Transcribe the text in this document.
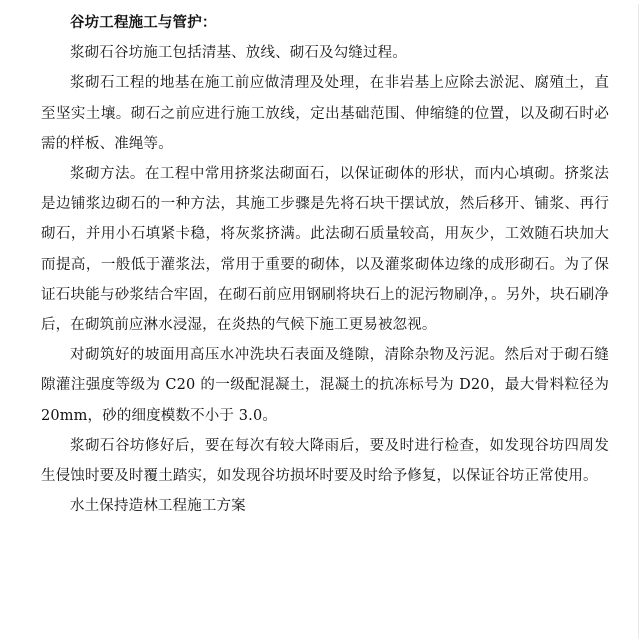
谷坊工程施工与管护：

浆砌石谷坊施工包括清基、放线、砌石及勾缝过程。

浆砌石工程的地基在施工前应做清理及处理，在非岩基上应除去淤泥、腐殖土，直至坚实土壤。砌石之前应进行施工放线，定出基础范围、伸缩缝的位置，以及砌石时必需的样板、准绳等。

浆砌方法。在工程中常用挤浆法砌面石，以保证砌体的形状，而内心填砌。挤浆法是边铺浆边砌石的一种方法，其施工步骤是先将石块干摆试放，然后移开、铺浆、再行砌石，并用小石填紧卡稳，将灰浆挤满。此法砌石质量较高，用灰少，工效随石块加大而提高，一般低于灌浆法，常用于重要的砌体，以及灌浆砌体边缘的成形砌石。为了保证石块能与砂浆结合牢固，在砌石前应用钢刷将块石上的泥污物刷净，。另外，块石刷净后，在砌筑前应淋水浸湿，在炎热的气候下施工更易被忽视。

对砌筑好的坡面用高压水冲洗块石表面及缝隙，清除杂物及污泥。然后对于砌石缝隙灌注强度等级为 C20 的一级配混凝土，混凝土的抗冻标号为 D20，最大骨料粒径为 20mm，砂的细度模数不小于 3.0。

浆砌石谷坊修好后，要在每次有较大降雨后，要及时进行检查，如发现谷坊四周发生侵蚀时要及时覆土踏实，如发现谷坊损坏时要及时给予修复，以保证谷坊正常使用。

水土保持造林工程施工方案
